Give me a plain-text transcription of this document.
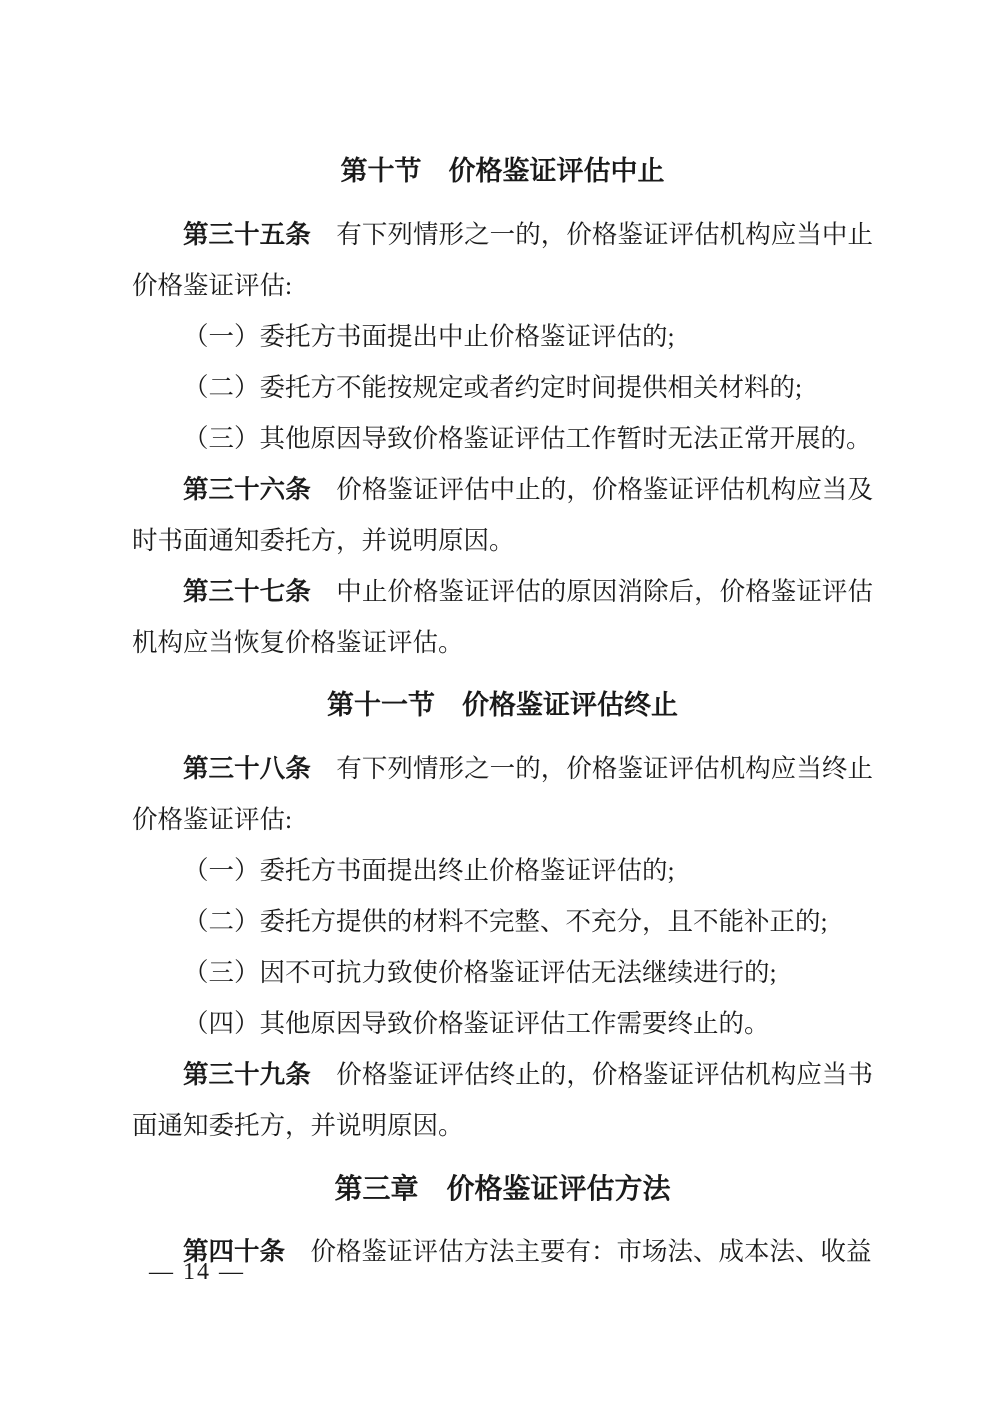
第十节　价格鉴证评估中止

第三十五条 有下列情形之一的，价格鉴证评估机构应当中止价格鉴证评估:

（一）委托方书面提出中止价格鉴证评估的;

（二）委托方不能按规定或者约定时间提供相关材料的;

（三）其他原因导致价格鉴证评估工作暂时无法正常开展的。

第三十六条 价格鉴证评估中止的，价格鉴证评估机构应当及时书面通知委托方，并说明原因。

第三十七条 中止价格鉴证评估的原因消除后，价格鉴证评估机构应当恢复价格鉴证评估。

第十一节　价格鉴证评估终止

第三十八条 有下列情形之一的，价格鉴证评估机构应当终止价格鉴证评估:

（一）委托方书面提出终止价格鉴证评估的;

（二）委托方提供的材料不完整、不充分，且不能补正的;

（三）因不可抗力致使价格鉴证评估无法继续进行的;

（四）其他原因导致价格鉴证评估工作需要终止的。

第三十九条 价格鉴证评估终止的，价格鉴证评估机构应当书面通知委托方，并说明原因。

第三章　价格鉴证评估方法

第四十条 价格鉴证评估方法主要有：市场法、成本法、收益

— 14 —
